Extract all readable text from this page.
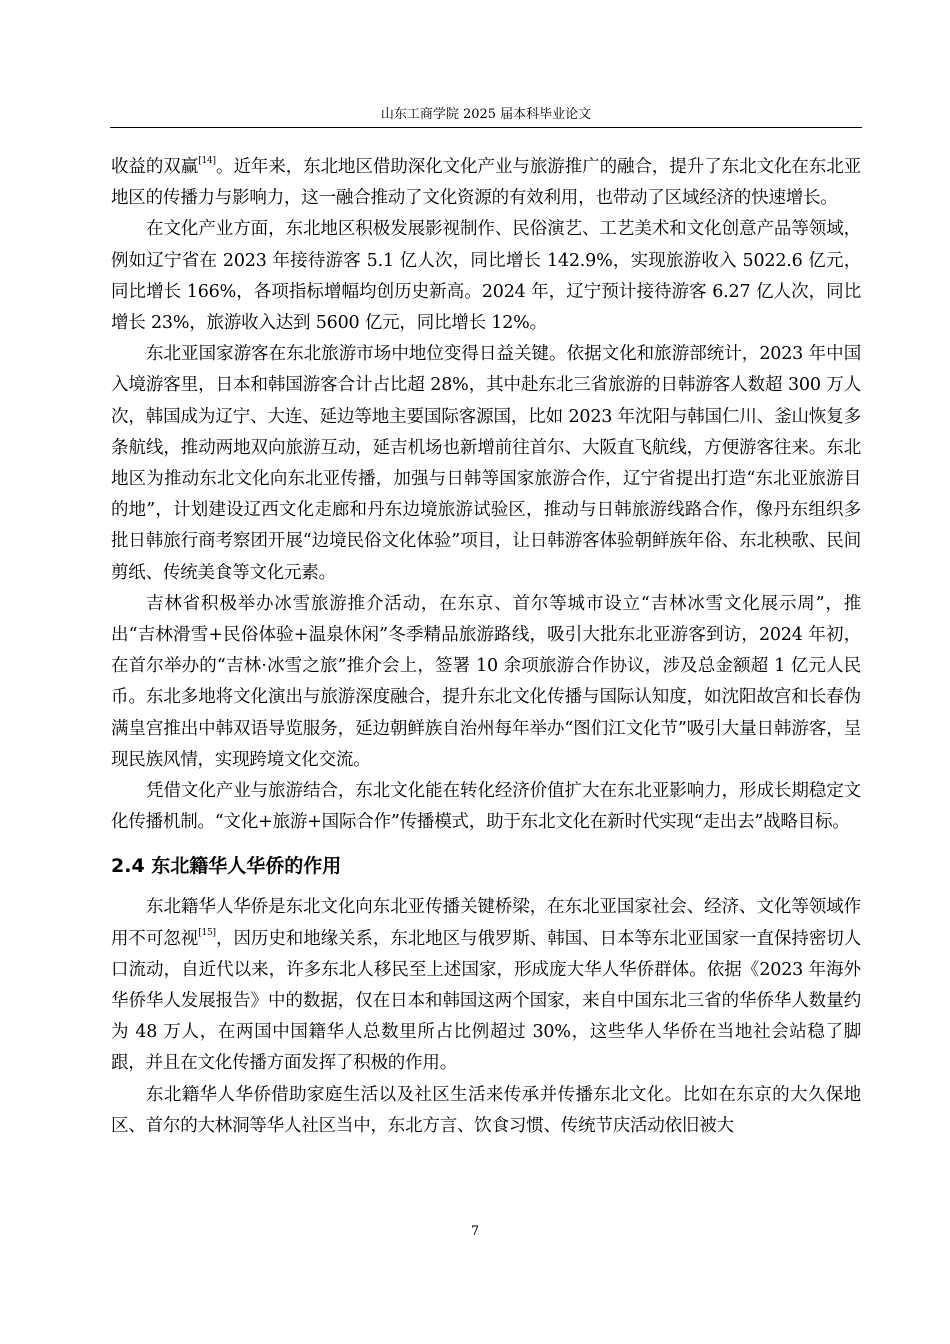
山东工商学院 2025 届本科毕业论文

收益的双赢[14]。近年来，东北地区借助深化文化产业与旅游推广的融合，提升了东北文化在东北亚地区的传播力与影响力，这一融合推动了文化资源的有效利用，也带动了区域经济的快速增长。

在文化产业方面，东北地区积极发展影视制作、民俗演艺、工艺美术和文化创意产品等领域，例如辽宁省在 2023 年接待游客 5.1 亿人次，同比增长 142.9%，实现旅游收入 5022.6 亿元，同比增长 166%，各项指标增幅均创历史新高。2024 年，辽宁预计接待游客 6.27 亿人次，同比增长 23%，旅游收入达到 5600 亿元，同比增长 12%。

东北亚国家游客在东北旅游市场中地位变得日益关键。依据文化和旅游部统计，2023 年中国入境游客里，日本和韩国游客合计占比超 28%，其中赴东北三省旅游的日韩游客人数超 300 万人次，韩国成为辽宁、大连、延边等地主要国际客源国，比如 2023 年沈阳与韩国仁川、釜山恢复多条航线，推动两地双向旅游互动，延吉机场也新增前往首尔、大阪直飞航线，方便游客往来。东北地区为推动东北文化向东北亚传播，加强与日韩等国家旅游合作，辽宁省提出打造“东北亚旅游目的地”，计划建设辽西文化走廊和丹东边境旅游试验区，推动与日韩旅游线路合作，像丹东组织多批日韩旅行商考察团开展“边境民俗文化体验”项目，让日韩游客体验朝鲜族年俗、东北秧歌、民间剪纸、传统美食等文化元素。

吉林省积极举办冰雪旅游推介活动，在东京、首尔等城市设立“吉林冰雪文化展示周”，推出“吉林滑雪+民俗体验+温泉休闲”冬季精品旅游路线，吸引大批东北亚游客到访，2024 年初，在首尔举办的“吉林·冰雪之旅”推介会上，签署 10 余项旅游合作协议，涉及总金额超 1 亿元人民币。东北多地将文化演出与旅游深度融合，提升东北文化传播与国际认知度，如沈阳故宫和长春伪满皇宫推出中韩双语导览服务，延边朝鲜族自治州每年举办“图们江文化节”吸引大量日韩游客，呈现民族风情，实现跨境文化交流。

凭借文化产业与旅游结合，东北文化能在转化经济价值扩大在东北亚影响力，形成长期稳定文化传播机制。“文化+旅游+国际合作”传播模式，助于东北文化在新时代实现“走出去”战略目标。

2.4 东北籍华人华侨的作用

东北籍华人华侨是东北文化向东北亚传播关键桥梁，在东北亚国家社会、经济、文化等领域作用不可忽视[15]，因历史和地缘关系，东北地区与俄罗斯、韩国、日本等东北亚国家一直保持密切人口流动，自近代以来，许多东北人移民至上述国家，形成庞大华人华侨群体。依据《2023 年海外华侨华人发展报告》中的数据，仅在日本和韩国这两个国家，来自中国东北三省的华侨华人数量约为 48 万人，在两国中国籍华人总数里所占比例超过 30%，这些华人华侨在当地社会站稳了脚跟，并且在文化传播方面发挥了积极的作用。

东北籍华人华侨借助家庭生活以及社区生活来传承并传播东北文化。比如在东京的大久保地区、首尔的大林洞等华人社区当中，东北方言、饮食习惯、传统节庆活动依旧被大

7
